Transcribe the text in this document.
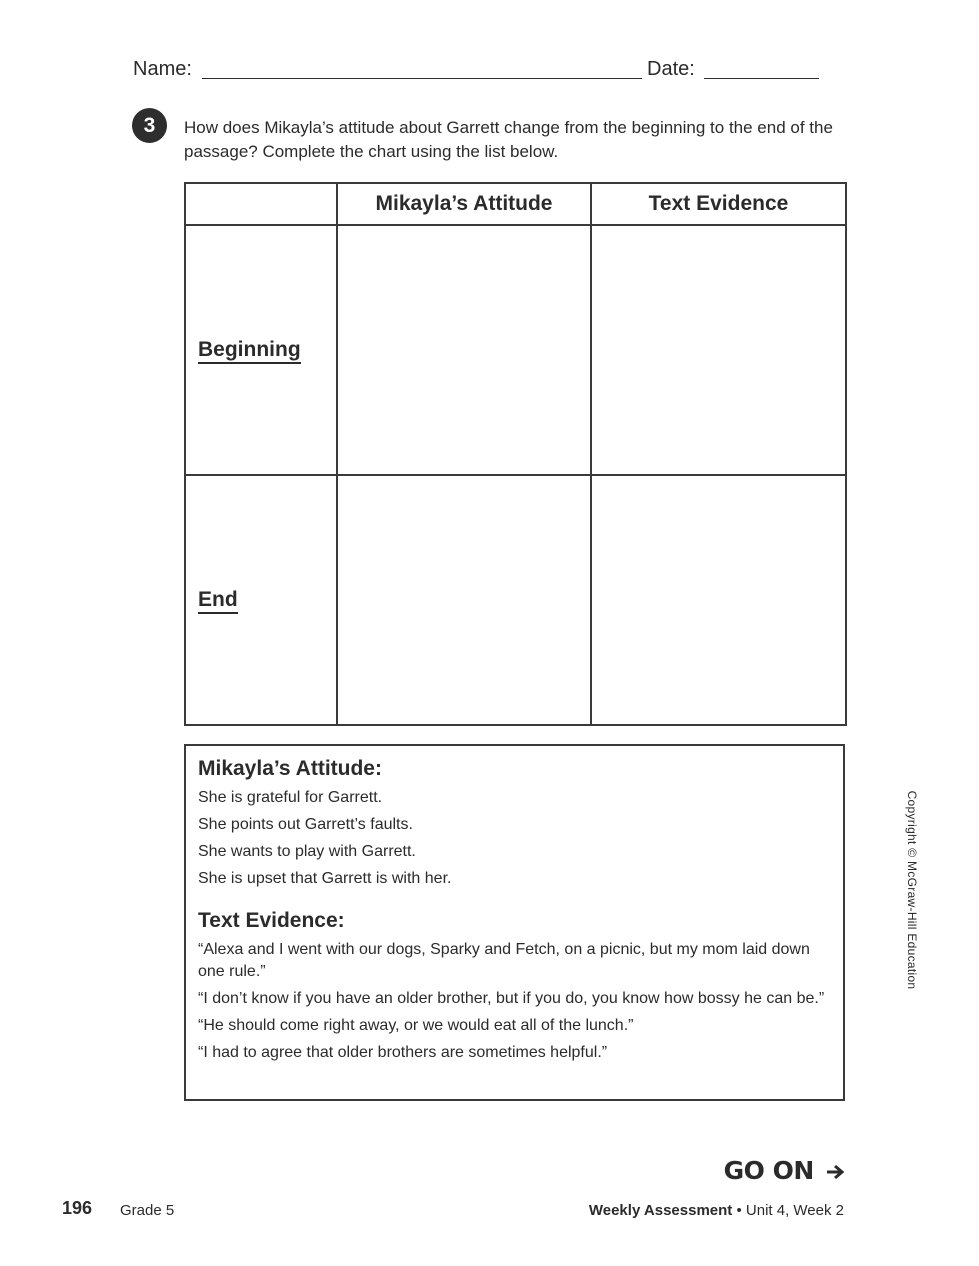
Name:	Date:
3	How does Mikayla’s attitude about Garrett change from the beginning to the end of the passage? Complete the chart using the list below.
	Mikayla’s Attitude	Text Evidence
Beginning		
End		
Mikayla’s Attitude:
She is grateful for Garrett.
She points out Garrett’s faults.
She wants to play with Garrett.
She is upset that Garrett is with her.
Text Evidence:
“Alexa and I went with our dogs, Sparky and Fetch, on a picnic, but my mom laid down one rule.”
“I don’t know if you have an older brother, but if you do, you know how bossy he can be.”
“He should come right away, or we would eat all of the lunch.”
“I had to agree that older brothers are sometimes helpful.”
Copyright © McGraw-Hill Education
GO ON
196 Grade 5	Weekly Assessment • Unit 4, Week 2
